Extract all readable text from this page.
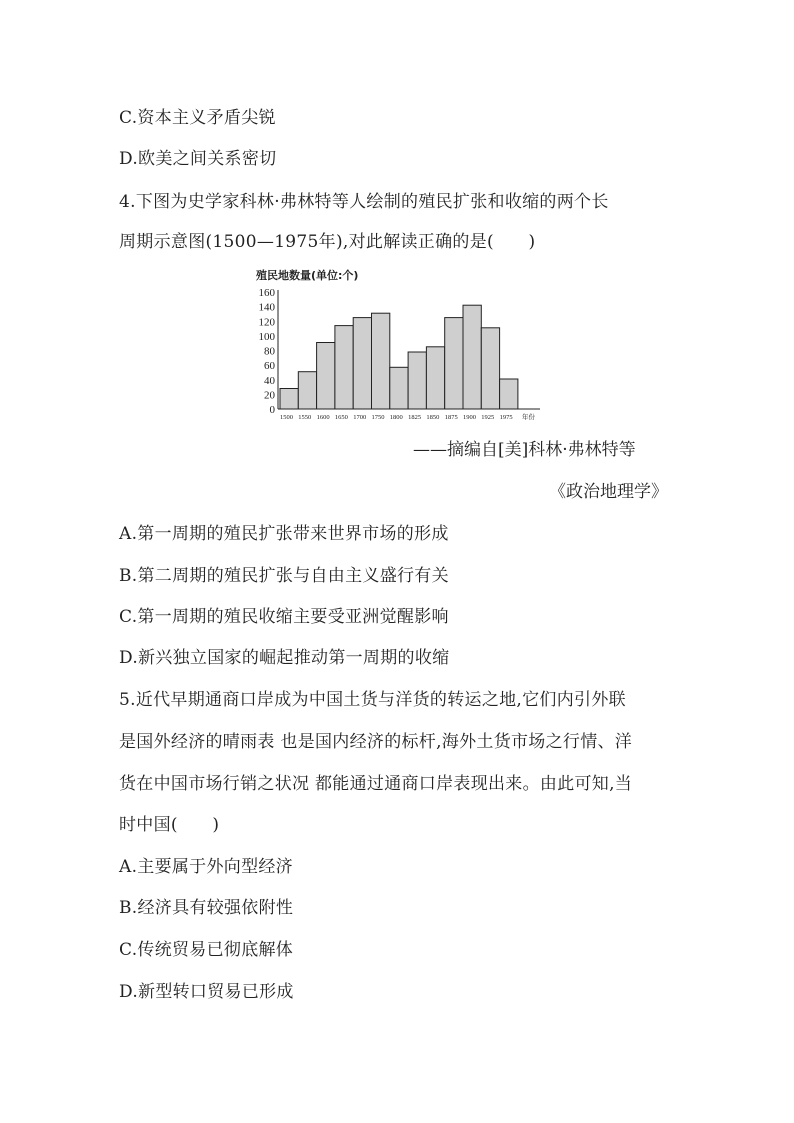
C.资本主义矛盾尖锐
D.欧美之间关系密切
4.下图为史学家科林·弗林特等人绘制的殖民扩张和收缩的两个长
周期示意图(1500—1975年),对此解读正确的是(　　)
殖民地数量(单位:个)
0
20
40
60
80
100
120
140
160
1500 1550 1600 1650 1700 1750 1800 1825 1850 1875 1900 1925 1975 年份
——摘编自[美]科林·弗林特等
《政治地理学》
A.第一周期的殖民扩张带来世界市场的形成
B.第二周期的殖民扩张与自由主义盛行有关
C.第一周期的殖民收缩主要受亚洲觉醒影响
D.新兴独立国家的崛起推动第一周期的收缩
5.近代早期通商口岸成为中国土货与洋货的转运之地,它们内引外联
是国外经济的晴雨表 也是国内经济的标杆,海外土货市场之行情、洋
货在中国市场行销之状况 都能通过通商口岸表现出来。由此可知,当
时中国(　　)
A.主要属于外向型经济
B.经济具有较强依附性
C.传统贸易已彻底解体
D.新型转口贸易已形成
